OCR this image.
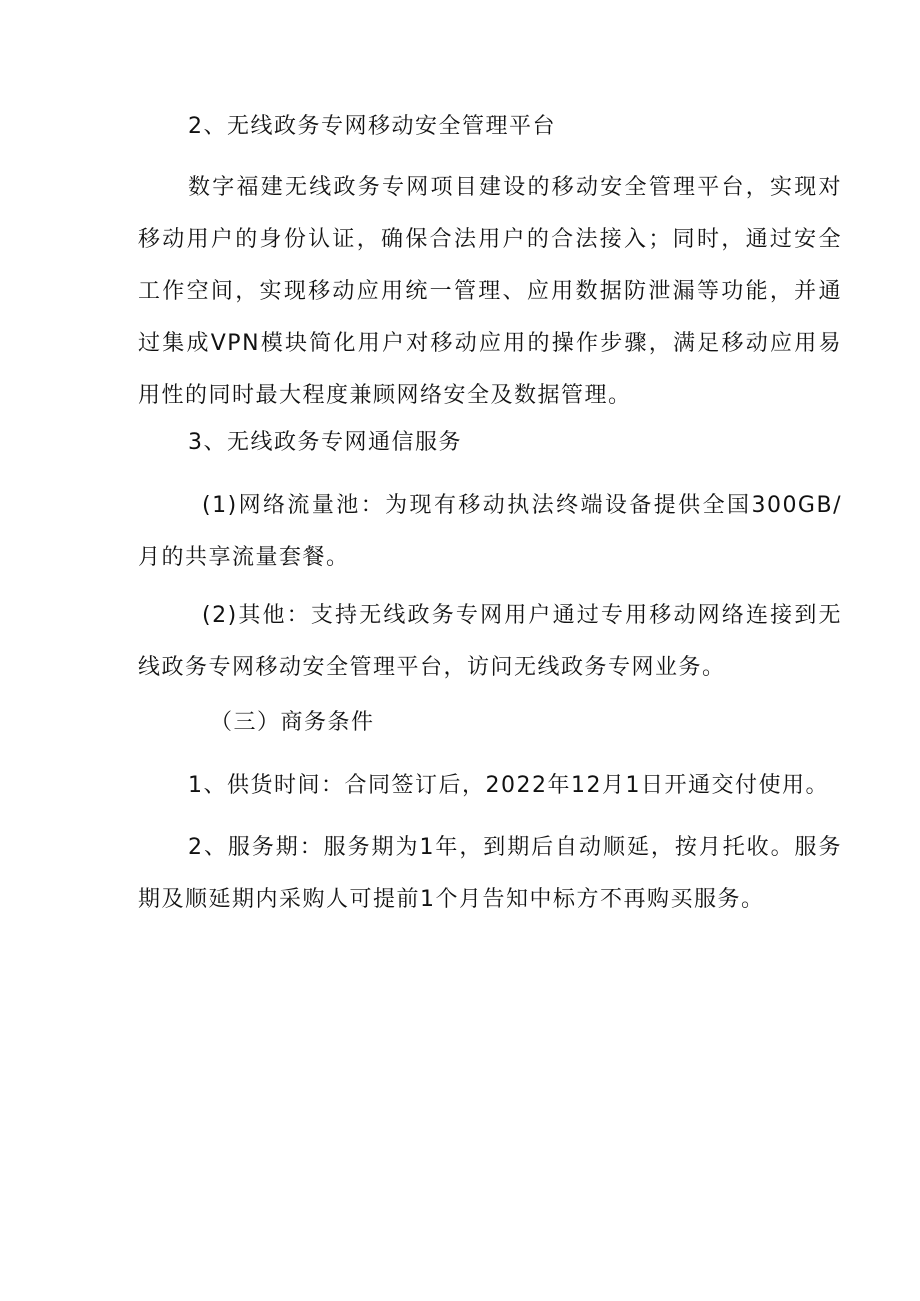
2、无线政务专网移动安全管理平台

数字福建无线政务专网项目建设的移动安全管理平台，实现对移动用户的身份认证，确保合法用户的合法接入；同时，通过安全工作空间，实现移动应用统一管理、应用数据防泄漏等功能，并通过集成VPN模块简化用户对移动应用的操作步骤，满足移动应用易用性的同时最大程度兼顾网络安全及数据管理。

3、无线政务专网通信服务

(1)网络流量池：为现有移动执法终端设备提供全国300GB/月的共享流量套餐。

(2)其他：支持无线政务专网用户通过专用移动网络连接到无线政务专网移动安全管理平台，访问无线政务专网业务。

（三）商务条件

1、供货时间：合同签订后，2022年12月1日开通交付使用。

2、服务期：服务期为1年，到期后自动顺延，按月托收。服务期及顺延期内采购人可提前1个月告知中标方不再购买服务。
